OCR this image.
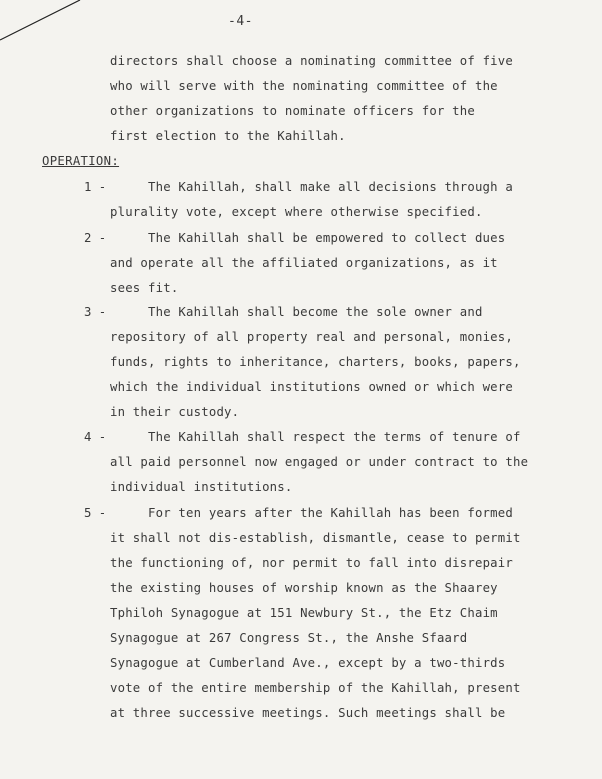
-4-
directors shall choose a nominating committee of five
who will serve with the nominating committee of the
other organizations to nominate officers for the
first election to the Kahillah.
OPERATION:
1 -	The Kahillah, shall make all decisions through a
plurality vote, except where otherwise specified.
2 -	The Kahillah shall be empowered to collect dues
and operate all the affiliated organizations, as it
sees fit.
3 -	The Kahillah shall become the sole owner and
repository of all property real and personal, monies,
funds, rights to inheritance, charters, books, papers,
which the individual institutions owned or which were
in their custody.
4 -	The Kahillah shall respect the terms of tenure of
all paid personnel now engaged or under contract to the
individual institutions.
5 -	For ten years after the Kahillah has been formed
it shall not dis-establish, dismantle, cease to permit
the functioning of, nor permit to fall into disrepair
the existing houses of worship known as the Shaarey
Tphiloh Synagogue at 151 Newbury St., the Etz Chaim
Synagogue at 267 Congress St., the Anshe Sfaard
Synagogue at Cumberland Ave., except by a two-thirds
vote of the entire membership of the Kahillah, present
at three successive meetings. Such meetings shall be
